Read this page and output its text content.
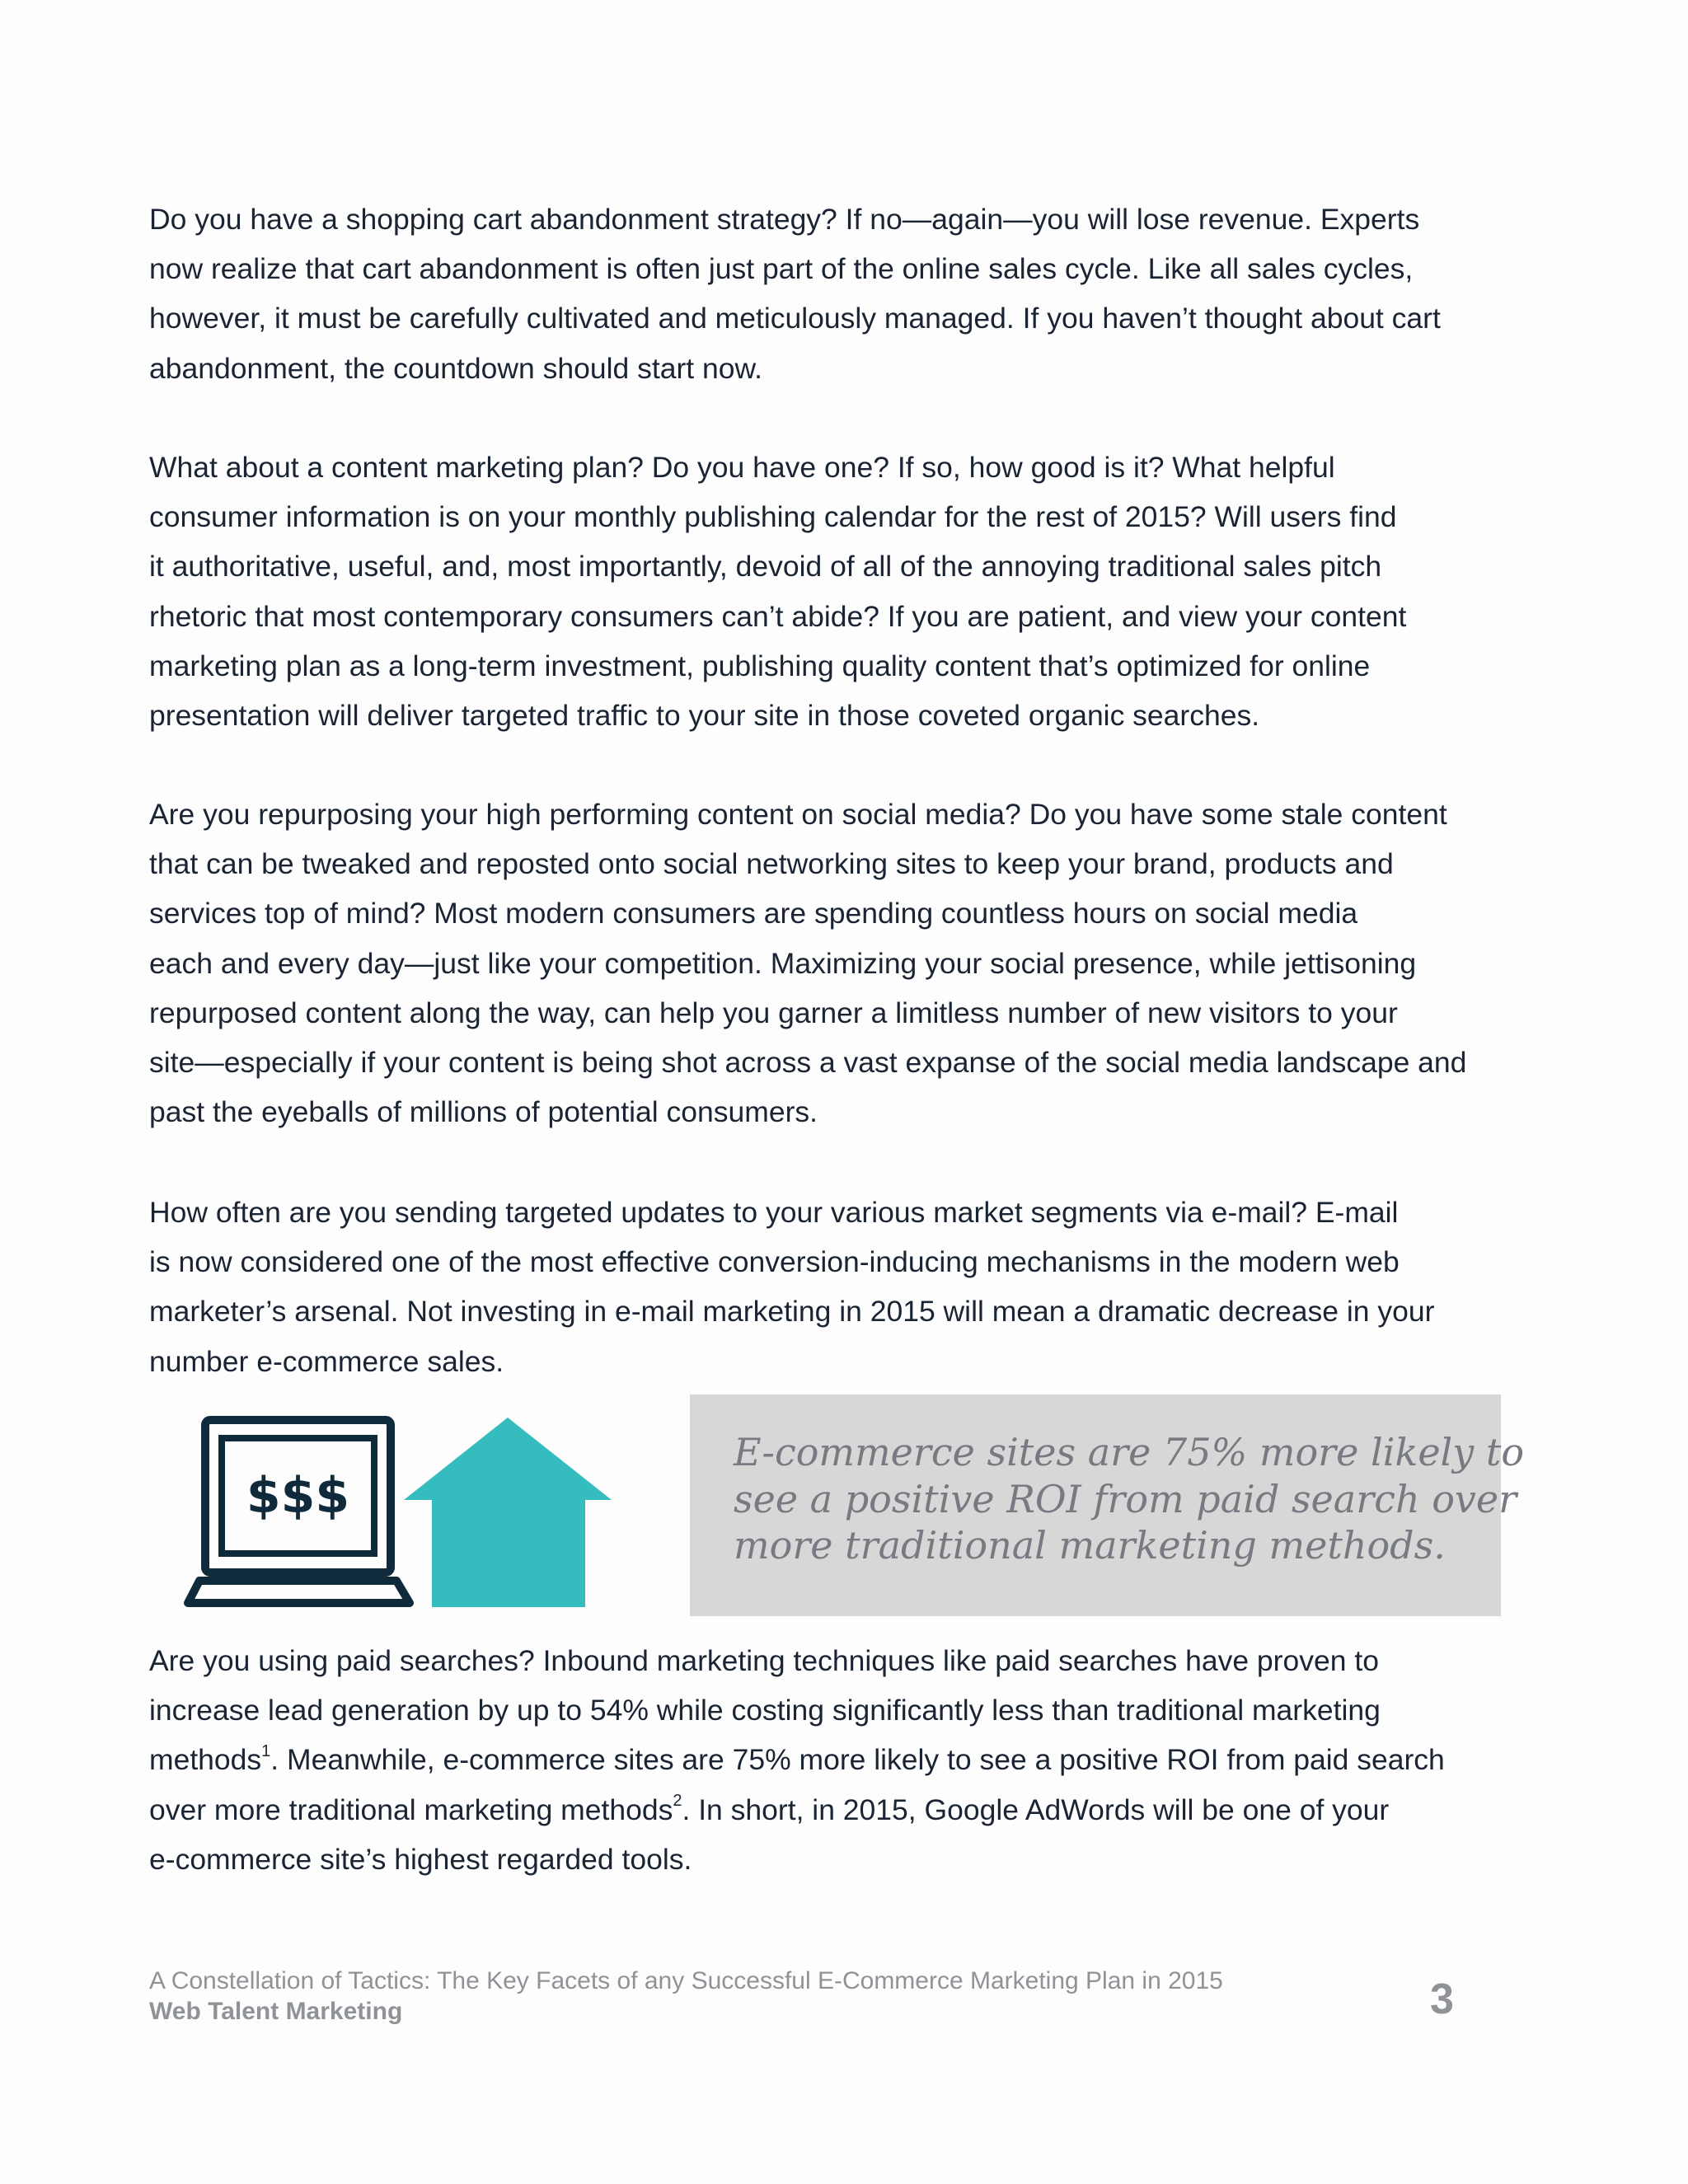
Do you have a shopping cart abandonment strategy? If no—again—you will lose revenue. Experts
now realize that cart abandonment is often just part of the online sales cycle. Like all sales cycles,
however, it must be carefully cultivated and meticulously managed. If you haven’t thought about cart
abandonment, the countdown should start now.

What about a content marketing plan? Do you have one? If so, how good is it? What helpful
consumer information is on your monthly publishing calendar for the rest of 2015? Will users find
it authoritative, useful, and, most importantly, devoid of all of the annoying traditional sales pitch
rhetoric that most contemporary consumers can’t abide? If you are patient, and view your content
marketing plan as a long-term investment, publishing quality content that’s optimized for online
presentation will deliver targeted traffic to your site in those coveted organic searches.

Are you repurposing your high performing content on social media? Do you have some stale content
that can be tweaked and reposted onto social networking sites to keep your brand, products and
services top of mind? Most modern consumers are spending countless hours on social media
each and every day—just like your competition. Maximizing your social presence, while jettisoning
repurposed content along the way, can help you garner a limitless number of new visitors to your
site—especially if your content is being shot across a vast expanse of the social media landscape and
past the eyeballs of millions of potential consumers.

How often are you sending targeted updates to your various market segments via e-mail? E-mail
is now considered one of the most effective conversion-inducing mechanisms in the modern web
marketer’s arsenal. Not investing in e-mail marketing in 2015 will mean a dramatic decrease in your
number e-commerce sales.

$$$

E-commerce sites are 75% more likely to
see a positive ROI from paid search over
more traditional marketing methods.

Are you using paid searches? Inbound marketing techniques like paid searches have proven to
increase lead generation by up to 54% while costing significantly less than traditional marketing
methods$^1$. Meanwhile, e-commerce sites are 75% more likely to see a positive ROI from paid search
over more traditional marketing methods$^2$. In short, in 2015, Google AdWords will be one of your
e-commerce site’s highest regarded tools.

A Constellation of Tactics: The Key Facets of any Successful E-Commerce Marketing Plan in 2015
Web Talent Marketing	3
